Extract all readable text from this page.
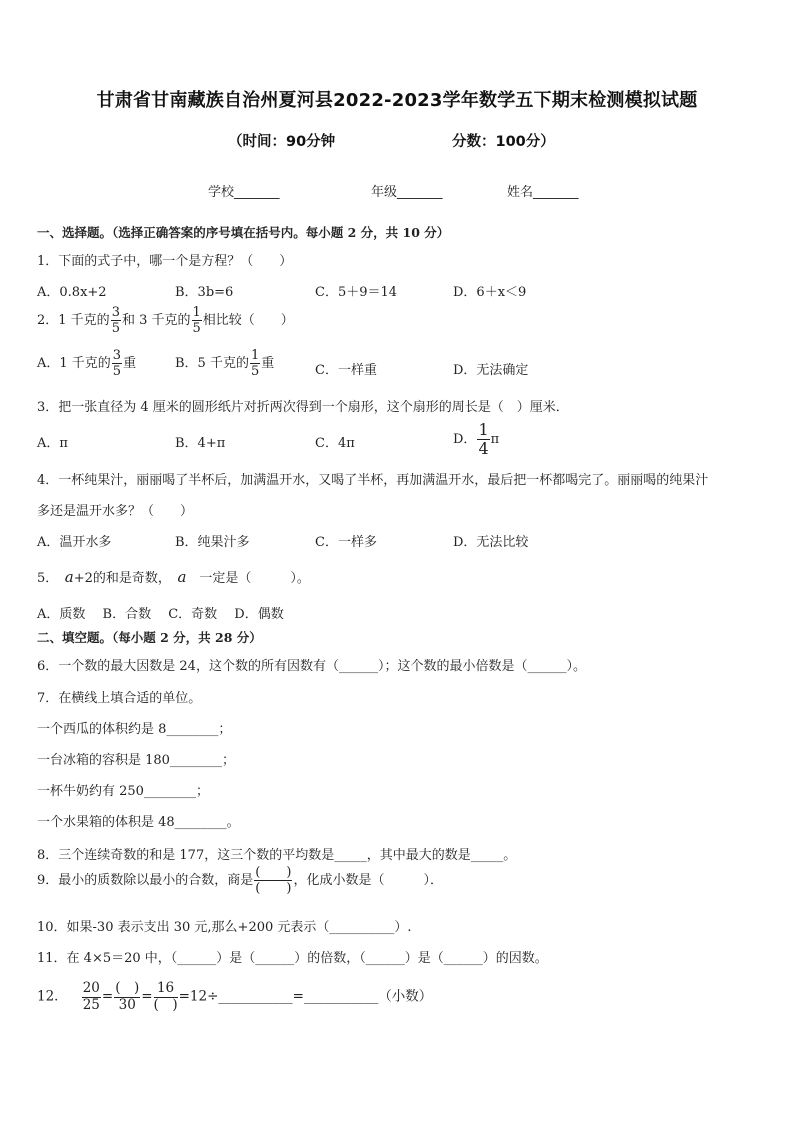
甘肃省甘南藏族自治州夏河县2022-2023学年数学五下期末检测模拟试题
（时间：90分钟	分数：100分）
学校_______	年级_______	姓名_______
一、选择题。（选择正确答案的序号填在括号内。每小题 2 分，共 10 分）
1．下面的式子中，哪一个是方程？（　　）
A．0.8x+2	B．3b=6	C．5＋9＝14	D．6＋x＜9
2．1 千克的 $\frac{3}{5}$ 和 3 千克的 $\frac{1}{5}$ 相比较（　　）
A．1 千克的 $\frac{3}{5}$ 重	B．5 千克的 $\frac{1}{5}$ 重	C．一样重	D．无法确定
3．把一张直径为 4 厘米的圆形纸片对折两次得到一个扇形，这个扇形的周长是（　）厘米．
A．π	B．4+π	C．4π	D． $\frac{1}{4}$ π
4．一杯纯果汁，丽丽喝了半杯后，加满温开水，又喝了半杯，再加满温开水，最后把一杯都喝完了。丽丽喝的纯果汁
多还是温开水多？（　　）
A．温开水多	B．纯果汁多	C．一样多	D．无法比较
5．　 a+2的和是奇数，　 a　 一定是（　　　）。
A．质数　 B．合数　 C．奇数　 D．偶数
二、填空题。（每小题 2 分，共 28 分）
6．一个数的最大因数是 24，这个数的所有因数有（______）；这个数的最小倍数是（______）。
7．在横线上填合适的单位。
一个西瓜的体积约是 8________；
一台冰箱的容积是 180________；
一杯牛奶约有 250________；
一个水果箱的体积是 48________。
8．三个连续奇数的和是 177，这三个数的平均数是_____，其中最大的数是_____。
9．最小的质数除以最小的合数，商是 $\frac{( )}{( )}$ ，化成小数是（　　　）．
10．如果-30 表示支出 30 元,那么+200 元表示（__________）.
11．在 4×5＝20 中，（______）是（______）的倍数，（______）是（______）的因数。
12． $\frac{20}{25} = \frac{( )}{30} = \frac{16}{( )}$ =12÷___________=___________（小数）
